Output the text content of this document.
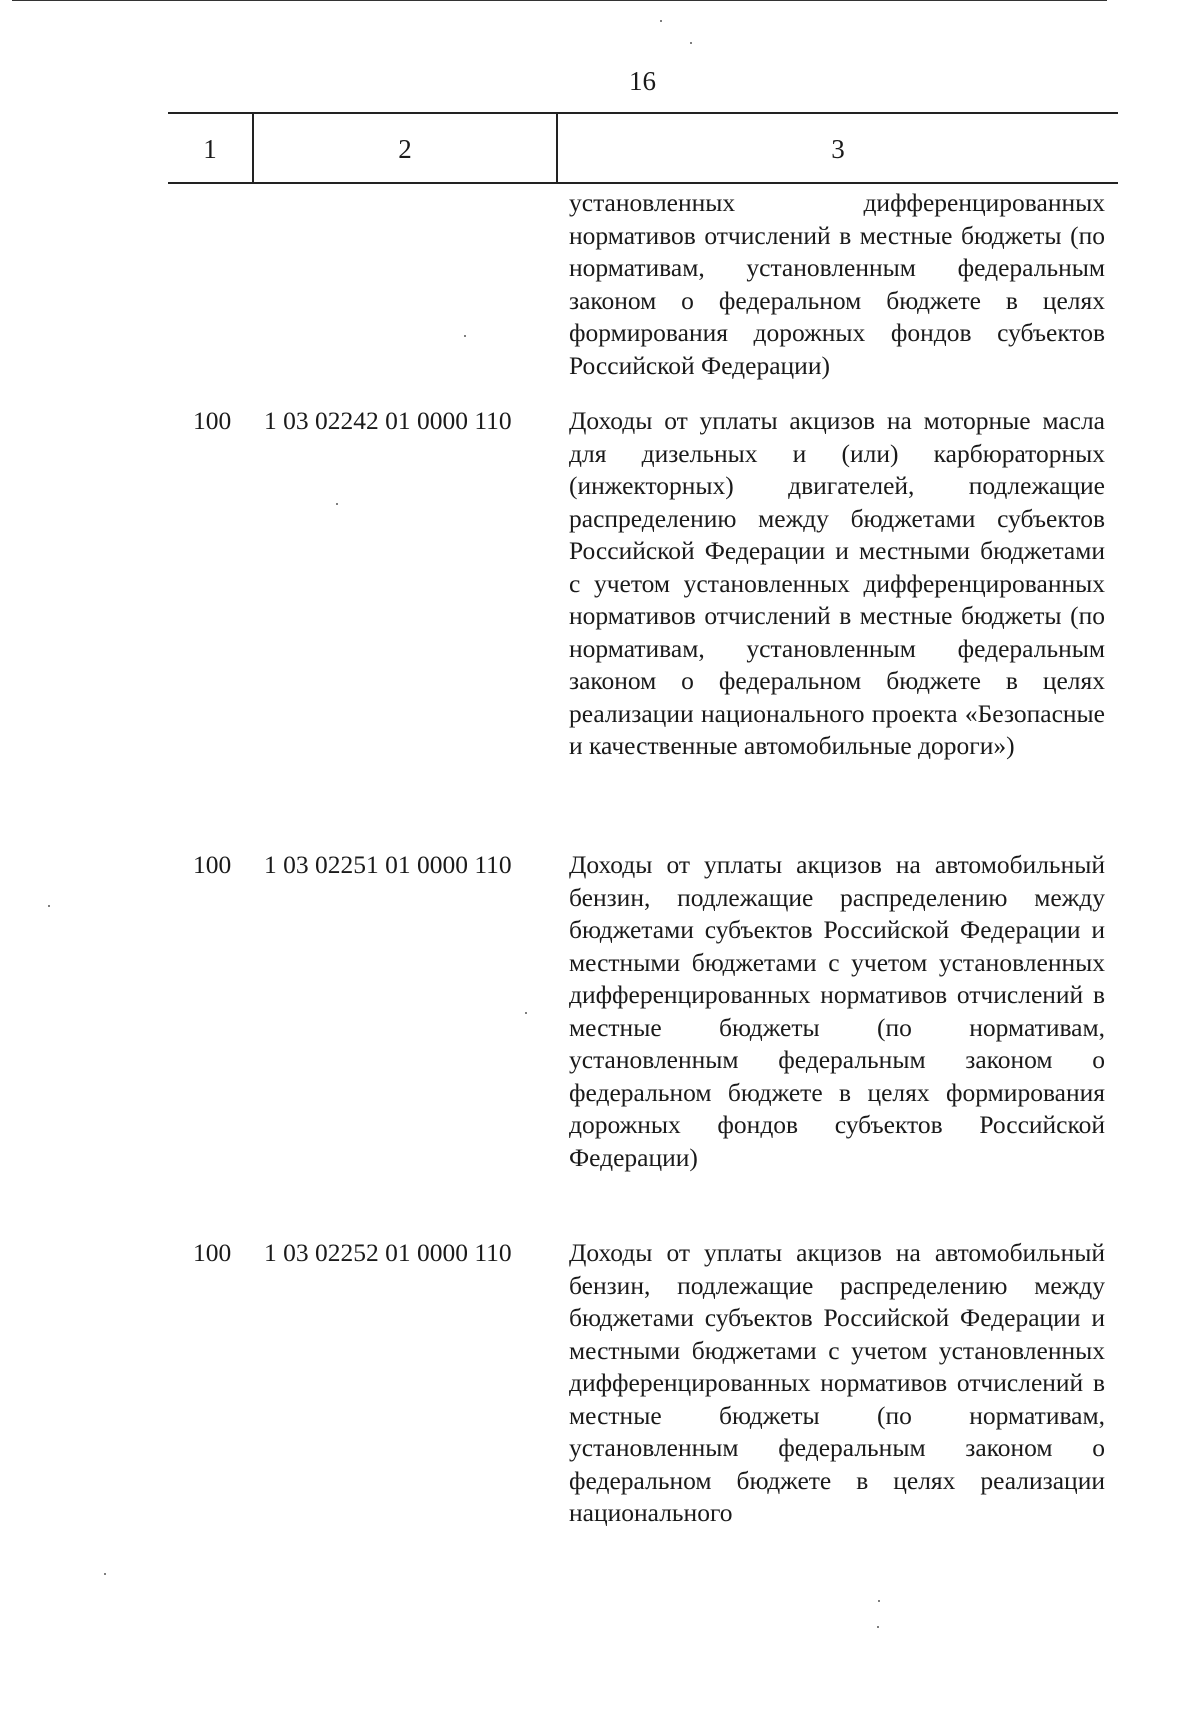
16
1	2	3
установленных дифференцированных нормативов отчислений в местные бюджеты (по нормативам, установленным федеральным законом о федеральном бюджете в целях формирования дорожных фондов субъектов Российской Федерации)
100 1 03 02242 01 0000 110 Доходы от уплаты акцизов на моторные масла для дизельных и (или) карбюраторных (инжекторных) двигателей, подлежащие распределению между бюджетами субъектов Российской Федерации и местными бюджетами с учетом установленных дифференцированных нормативов отчислений в местные бюджеты (по нормативам, установленным федеральным законом о федеральном бюджете в целях реализации национального проекта «Безопасные и качественные автомобильные дороги»)
100 1 03 02251 01 0000 110 Доходы от уплаты акцизов на автомобильный бензин, подлежащие распределению между бюджетами субъектов Российской Федерации и местными бюджетами с учетом установленных дифференцированных нормативов отчислений в местные бюджеты (по нормативам, установленным федеральным законом о федеральном бюджете в целях формирования дорожных фондов субъектов Российской Федерации)
100 1 03 02252 01 0000 110 Доходы от уплаты акцизов на автомобильный бензин, подлежащие распределению между бюджетами субъектов Российской Федерации и местными бюджетами с учетом установленных дифференцированных нормативов отчислений в местные бюджеты (по нормативам, установленным федеральным законом о федеральном бюджете в целях реализации национального
